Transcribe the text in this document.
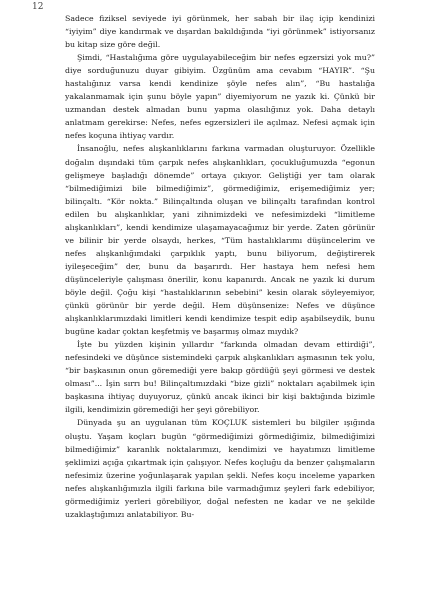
12

Sadece fiziksel seviyede iyi görünmek, her sabah bir ilaç içip kendinizi “iyiyim” diye kandırmak ve dışardan bakıldığında “iyi görünmek” istiyorsanız bu kitap size göre değil.

Şimdi, “Hastalığıma göre uygulayabileceğim bir nefes egzersizi yok mu?” diye sorduğunuzu duyar gibiyim. Üzgünüm ama cevabım “HAYIR”. “Şu hastalığınız varsa kendi kendinize şöyle nefes alın”, “Bu hastalığa yakalanmamak için şunu böyle yapın” diyemiyorum ne yazık ki. Çünkü bir uzmandan destek almadan bunu yapma olasılığınız yok. Daha detaylı anlatmam gerekirse: Nefes, nefes egzersizleri ile açılmaz. Nefesi açmak için nefes koçuna ihtiyaç vardır.

İnsanoğlu, nefes alışkanlıklarını farkına varmadan oluşturuyor. Özellikle doğalın dışındaki tüm çarpık nefes alışkanlıkları, çocukluğumuzda “egonun gelişmeye başladığı dönemde” ortaya çıkıyor. Geliştiği yer tam olarak “bilmediğimizi bile bilmediğimiz”, görmediğimiz, erişemediğimiz yer; bilinçaltı. “Kör nokta.” Bilinçaltında oluşan ve bilinçaltı tarafından kontrol edilen bu alışkanlıklar, yani zihnimizdeki ve nefesimizdeki “limitleme alışkanlıkları”, kendi kendimize ulaşamayacağımız bir yerde. Zaten görünür ve bilinir bir yerde olsaydı, herkes, “Tüm hastalıklarımı düşüncelerim ve nefes alışkanlığımdaki çarpıklık yaptı, bunu biliyorum, değiştirerek iyileşeceğim” der, bunu da başarırdı. Her hastaya hem nefesi hem düşünceleriyle çalışması önerilir, konu kapanırdı. Ancak ne yazık ki durum böyle değil. Çoğu kişi “hastalıklarının sebebini” kesin olarak söyleyemiyor, çünkü görünür bir yerde değil. Hem düşünsenize: Nefes ve düşünce alışkanlıklarımızdaki limitleri kendi kendimize tespit edip aşabilseydik, bunu bugüne kadar çoktan keşfetmiş ve başarmış olmaz mıydık?

İşte bu yüzden kişinin yıllardır “farkında olmadan devam ettirdiği”, nefesindeki ve düşünce sistemindeki çarpık alışkanlıkları aşmasının tek yolu, “bir başkasının onun göremediği yere bakıp gördüğü şeyi görmesi ve destek olması”... İşin sırrı bu! Bilinçaltımızdaki “bize gizli” noktaları açabilmek için başkasına ihtiyaç duyuyoruz, çünkü ancak ikinci bir kişi baktığında bizimle ilgili, kendimizin göremediği her şeyi görebiliyor.

Dünyada şu an uygulanan tüm KOÇLUK sistemleri bu bilgiler ışığında oluştu. Yaşam koçları bugün “görmediğimizi görmediğimiz, bilmediğimizi bilmediğimiz” karanlık noktalarımızı, kendimizi ve hayatımızı limitleme şeklimizi açığa çıkartmak için çalışıyor. Nefes koçluğu da benzer çalışmaların nefesimiz üzerine yoğunlaşarak yapılan şekli. Nefes koçu inceleme yaparken nefes alışkanlığımızla ilgili farkına bile varmadığımız şeyleri fark edebiliyor, görmediğimiz yerleri görebiliyor, doğal nefesten ne kadar ve ne şekilde uzaklaştığımızı anlatabiliyor. Bu-
